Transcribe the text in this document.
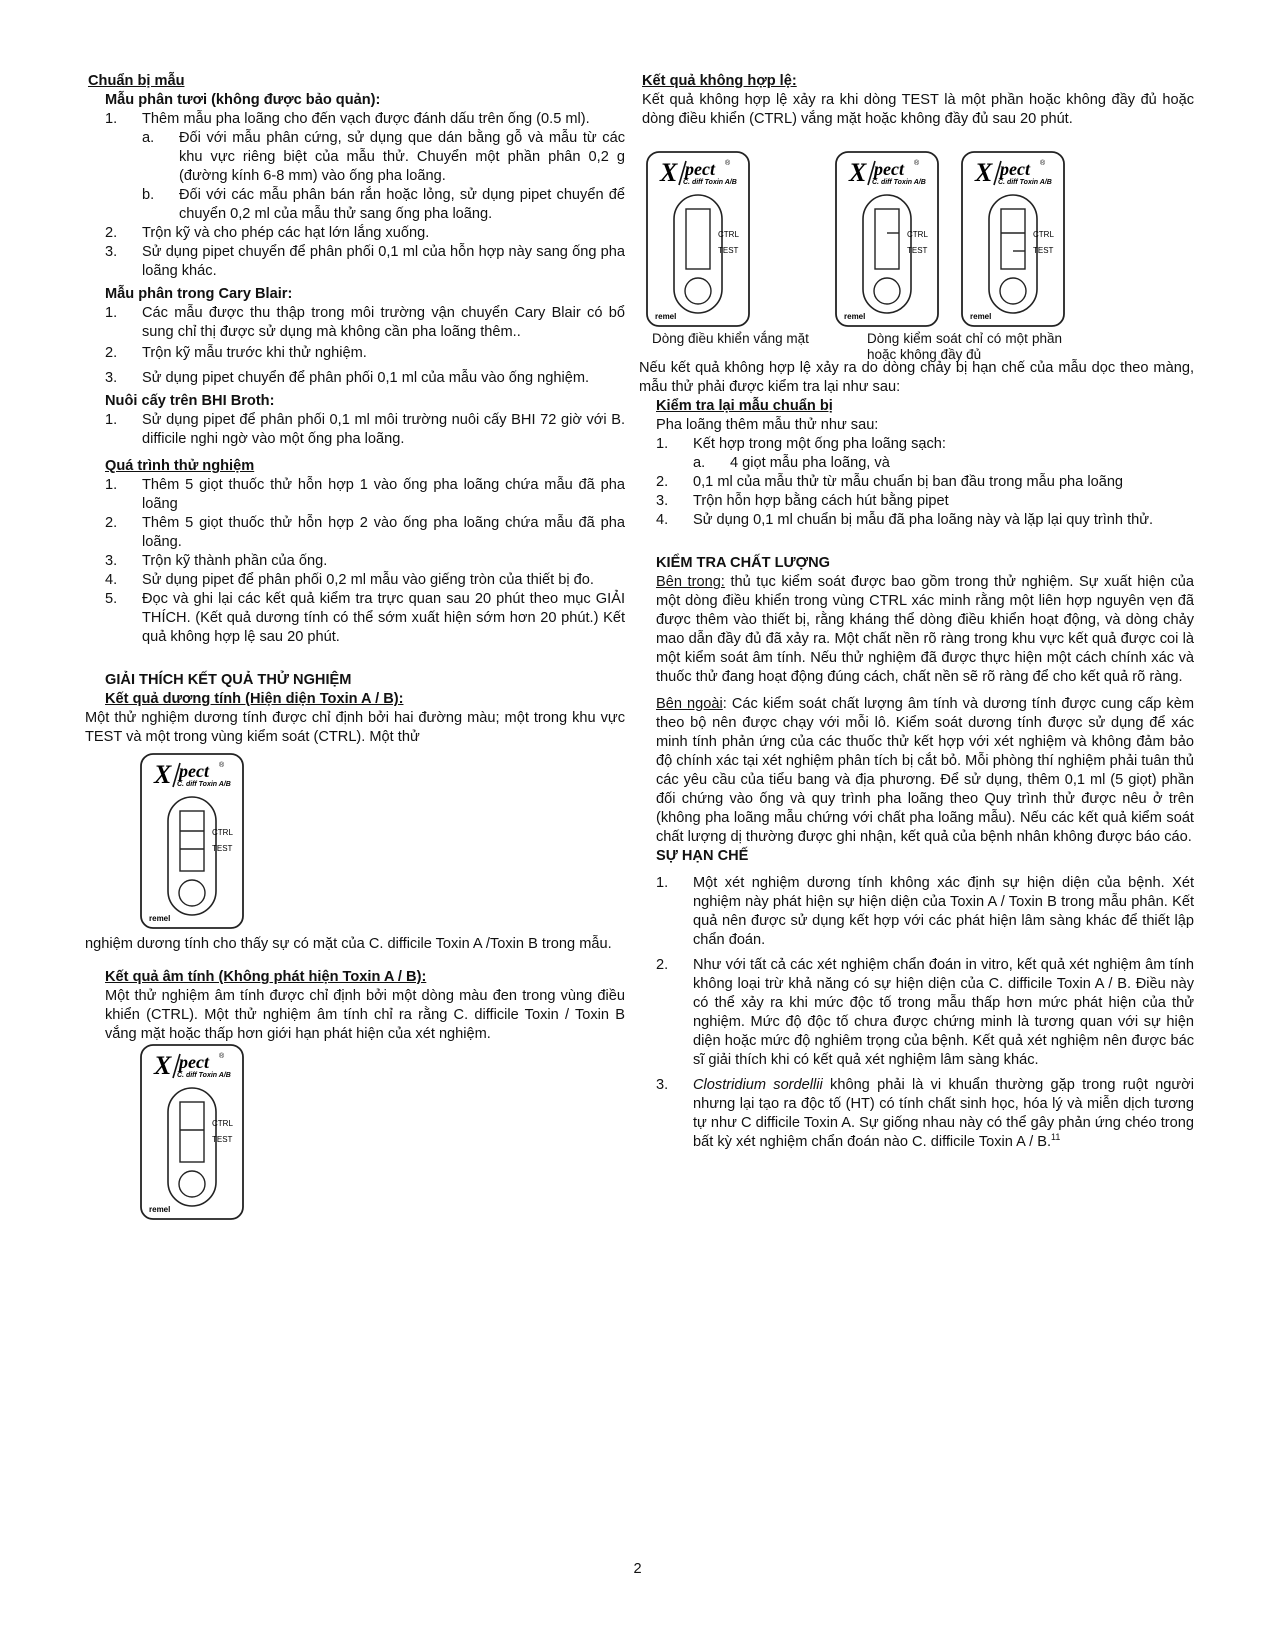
Chuẩn bị mẫu
Mẫu phân tươi (không được bảo quản):
1.	Thêm mẫu pha loãng cho đến vạch được đánh dấu trên ống (0.5 ml).
a.	Đối với mẫu phân cứng, sử dụng que dán bằng gỗ và mẫu từ các khu vực riêng biệt của mẫu thử. Chuyển một phần phân 0,2 g (đường kính 6-8 mm) vào ống pha loãng.
b.	Đối với các mẫu phân bán rắn hoặc lỏng, sử dụng pipet chuyển để chuyển 0,2 ml của mẫu thử sang ống pha loãng.
2.	Trộn kỹ và cho phép các hạt lớn lắng xuống.
3.	Sử dụng pipet chuyển để phân phối 0,1 ml của hỗn hợp này sang ống pha loãng khác.
Mẫu phân trong Cary Blair:
1.	Các mẫu được thu thập trong môi trường vận chuyển Cary Blair có bổ sung chỉ thị được sử dụng mà không cần pha loãng thêm..
2.	Trộn kỹ mẫu trước khi thử nghiệm.
3.	Sử dụng pipet chuyển để phân phối 0,1 ml của mẫu vào ống nghiệm.
Nuôi cấy trên BHI Broth:
1.	Sử dụng pipet để phân phối 0,1 ml môi trường nuôi cấy BHI 72 giờ với B. difficile nghi ngờ vào một ống pha loãng.
Quá trình thử nghiệm
1.	Thêm 5 giọt thuốc thử hỗn hợp 1 vào ống pha loãng chứa mẫu đã pha loãng
2.	Thêm 5 giọt thuốc thử hỗn hợp 2 vào ống pha loãng chứa mẫu đã pha loãng.
3.	Trộn kỹ thành phần của ống.
4.	Sử dụng pipet để phân phối 0,2 ml mẫu vào giếng tròn của thiết bị đo.
5.	Đọc và ghi lại các kết quả kiểm tra trực quan sau 20 phút theo mục GIẢI THÍCH. (Kết quả dương tính có thể sớm xuất hiện sớm hơn 20 phút.) Kết quả không hợp lệ sau 20 phút.
GIẢI THÍCH KẾT QUẢ THỬ NGHIỆM
Kết quả dương tính (Hiện diện Toxin A / B):
Một thử nghiệm dương tính được chỉ định bởi hai đường màu; một trong khu vực TEST và một trong vùng kiểm soát (CTRL). Một thử
X pect ®
C. diff Toxin A/B
CTRL
TEST
remel
nghiệm dương tính cho thấy sự có mặt của C. difficile Toxin A /Toxin B trong mẫu.
Kết quả âm tính (Không phát hiện Toxin A / B):
Một thử nghiệm âm tính được chỉ định bởi một dòng màu đen trong vùng điều khiển (CTRL). Một thử nghiệm âm tính chỉ ra rằng C. difficile Toxin / Toxin B vắng mặt hoặc thấp hơn giới hạn phát hiện của xét nghiệm.
X pect ®
C. diff Toxin A/B
CTRL
TEST
remel
Kết quả không hợp lệ:
Kết quả không hợp lệ xảy ra khi dòng TEST là một phần hoặc không đầy đủ hoặc dòng điều khiển (CTRL) vắng mặt hoặc không đầy đủ sau 20 phút.
X pect ®
C. diff Toxin A/B
CTRL
TEST
remel
X pect ®
C. diff Toxin A/B
CTRL
TEST
remel
X pect ®
C. diff Toxin A/B
CTRL
TEST
remel
Dòng điều khiển vắng mặt	Dòng kiểm soát chỉ có một phần hoặc không đầy đủ
Nếu kết quả không hợp lệ xảy ra do dòng chảy bị hạn chế của mẫu dọc theo màng, mẫu thử phải được kiểm tra lại như sau:
Kiểm tra lại mẫu chuẩn bị
Pha loãng thêm mẫu thử như sau:
1.	Kết hợp trong một ống pha loãng sạch:
a.	4 giọt mẫu pha loãng, và
2.	0,1 ml của mẫu thử từ mẫu chuẩn bị ban đầu trong mẫu pha loãng
3.	Trộn hỗn hợp bằng cách hút bằng pipet
4.	Sử dụng 0,1 ml chuẩn bị mẫu đã pha loãng này và lặp lại quy trình thử.
KIỂM TRA CHẤT LƯỢNG
Bên trong: thủ tục kiểm soát được bao gồm trong thử nghiệm. Sự xuất hiện của một dòng điều khiển trong vùng CTRL xác minh rằng một liên hợp nguyên vẹn đã được thêm vào thiết bị, rằng kháng thể dòng điều khiển hoạt động, và dòng chảy mao dẫn đầy đủ đã xảy ra. Một chất nền rõ ràng trong khu vực kết quả được coi là một kiểm soát âm tính. Nếu thử nghiệm đã được thực hiện một cách chính xác và thuốc thử đang hoạt động đúng cách, chất nền sẽ rõ ràng để cho kết quả rõ ràng.
Bên ngoài: Các kiểm soát chất lượng âm tính và dương tính được cung cấp kèm theo bộ nên được chạy với mỗi lô. Kiểm soát dương tính được sử dụng để xác minh tính phản ứng của các thuốc thử kết hợp với xét nghiệm và không đảm bảo độ chính xác tại xét nghiệm phân tích bị cắt bỏ. Mỗi phòng thí nghiệm phải tuân thủ các yêu cầu của tiểu bang và địa phương. Để sử dụng, thêm 0,1 ml (5 giọt) phần đối chứng vào ống và quy trình pha loãng theo Quy trình thử được nêu ở trên (không pha loãng mẫu chứng với chất pha loãng mẫu). Nếu các kết quả kiểm soát chất lượng dị thường được ghi nhận, kết quả của bệnh nhân không được báo cáo.
SỰ HẠN CHẾ
1.	Một xét nghiệm dương tính không xác định sự hiện diện của bệnh. Xét nghiệm này phát hiện sự hiện diện của Toxin A / Toxin B trong mẫu phân. Kết quả nên được sử dụng kết hợp với các phát hiện lâm sàng khác để thiết lập chẩn đoán.
2.	Như với tất cả các xét nghiệm chẩn đoán in vitro, kết quả xét nghiệm âm tính không loại trừ khả năng có sự hiện diện của C. difficile Toxin A / B. Điều này có thể xảy ra khi mức độc tố trong mẫu thấp hơn mức phát hiện của thử nghiệm. Mức độ độc tố chưa được chứng minh là tương quan với sự hiện diện hoặc mức độ nghiêm trọng của bệnh. Kết quả xét nghiệm nên được bác sĩ giải thích khi có kết quả xét nghiệm lâm sàng khác.
3.	Clostridium sordellii không phải là vi khuẩn thường gặp trong ruột người nhưng lại tạo ra độc tố (HT) có tính chất sinh học, hóa lý và miễn dịch tương tự như C difficile Toxin A. Sự giống nhau này có thể gây phản ứng chéo trong bất kỳ xét nghiệm chẩn đoán nào C. difficile Toxin A / B.$^{11}$
2
